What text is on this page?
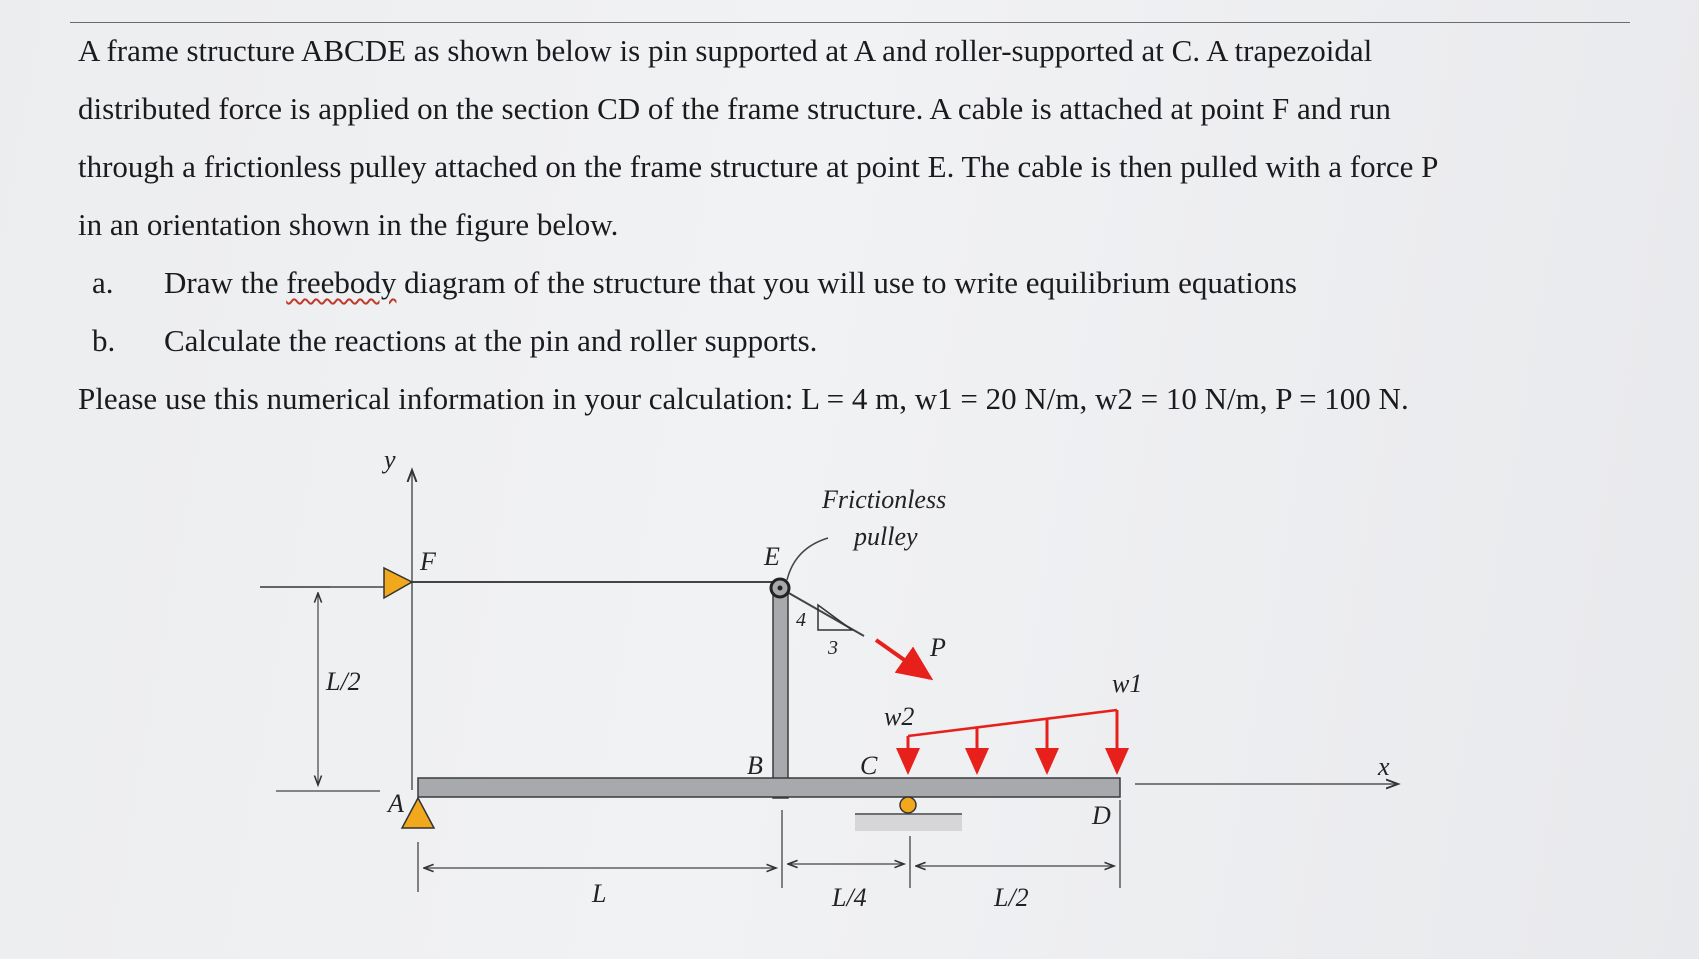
A frame structure ABCDE as shown below is pin supported at A and roller-supported at C. A trapezoidal
distributed force is applied on the section CD of the frame structure. A cable is attached at point F and run
through a frictionless pulley attached on the frame structure at point E. The cable is then pulled with a force P
in an orientation shown in the figure below.
a.	Draw the freebody diagram of the structure that you will use to write equilibrium equations
b.	Calculate the reactions at the pin and roller supports.
Please use this numerical information in your calculation: L = 4 m, w1 = 20 N/m, w2 = 10 N/m, P = 100 N.
y
x
F	E
Frictionless
pulley
4
3	P
w2
w1
A
B	C
D
L/2
L	L/4	L/2
